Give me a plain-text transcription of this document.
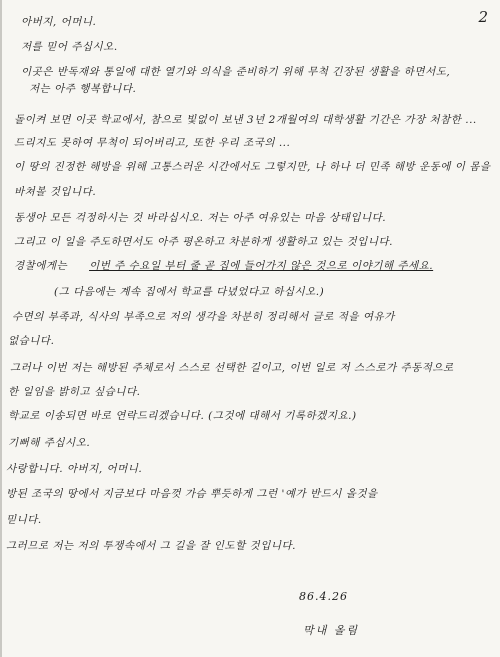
2
아버지, 어머니.
저를 믿어 주십시오.
이곳은 반독재와 통일에 대한 열기와 의식을 준비하기 위해 무척 긴장된 생활을 하면서도,
저는 아주 행복합니다.
돌이켜 보면 이곳 학교에서, 참으로 빛없이 보낸 3년 2개월여의 대학생활 기간은 가장 처참한 ...
드리지도 못하여 무척이 되어버리고, 또한 우리 조국의 ...
이 땅의 진정한 해방을 위해 고통스러운 시간에서도 그렇지만, 나 하나 더 민족 해방 운동에 이 몸을
바쳐볼 것입니다.
동생아 모든 걱정하시는 것 바라십시오. 저는 아주 여유있는 마음 상태입니다.
그리고 이 일을 주도하면서도 아주 평온하고 차분하게 생활하고 있는 것입니다.
경찰에게는 이번 주 수요일 부터 줄 곧 집에 들어가지 않은 것으로 이야기해 주세요.
(그 다음에는 계속 집에서 학교를 다녔었다고 하십시오.)
수면의 부족과, 식사의 부족으로 저의 생각을 차분히 정리해서 글로 적을 여유가
없습니다.
그러나 이번 저는 해방된 주체로서 스스로 선택한 길이고, 이번 일로 저 스스로가 주동적으로
한 일임을 밝히고 싶습니다.
학교로 이송되면 바로 연락드리겠습니다. (그것에 대해서 기록하겠지요.)
기뻐해 주십시오.
사랑합니다. 아버지, 어머니.
방된 조국의 땅에서 지금보다 마음껏 가슴 뿌듯하게 그런 '예가 반드시 올것을
믿니다.
그러므로 저는 저의 투쟁속에서 그 길을 잘 인도할 것입니다.
86.4.26
막내 올림
